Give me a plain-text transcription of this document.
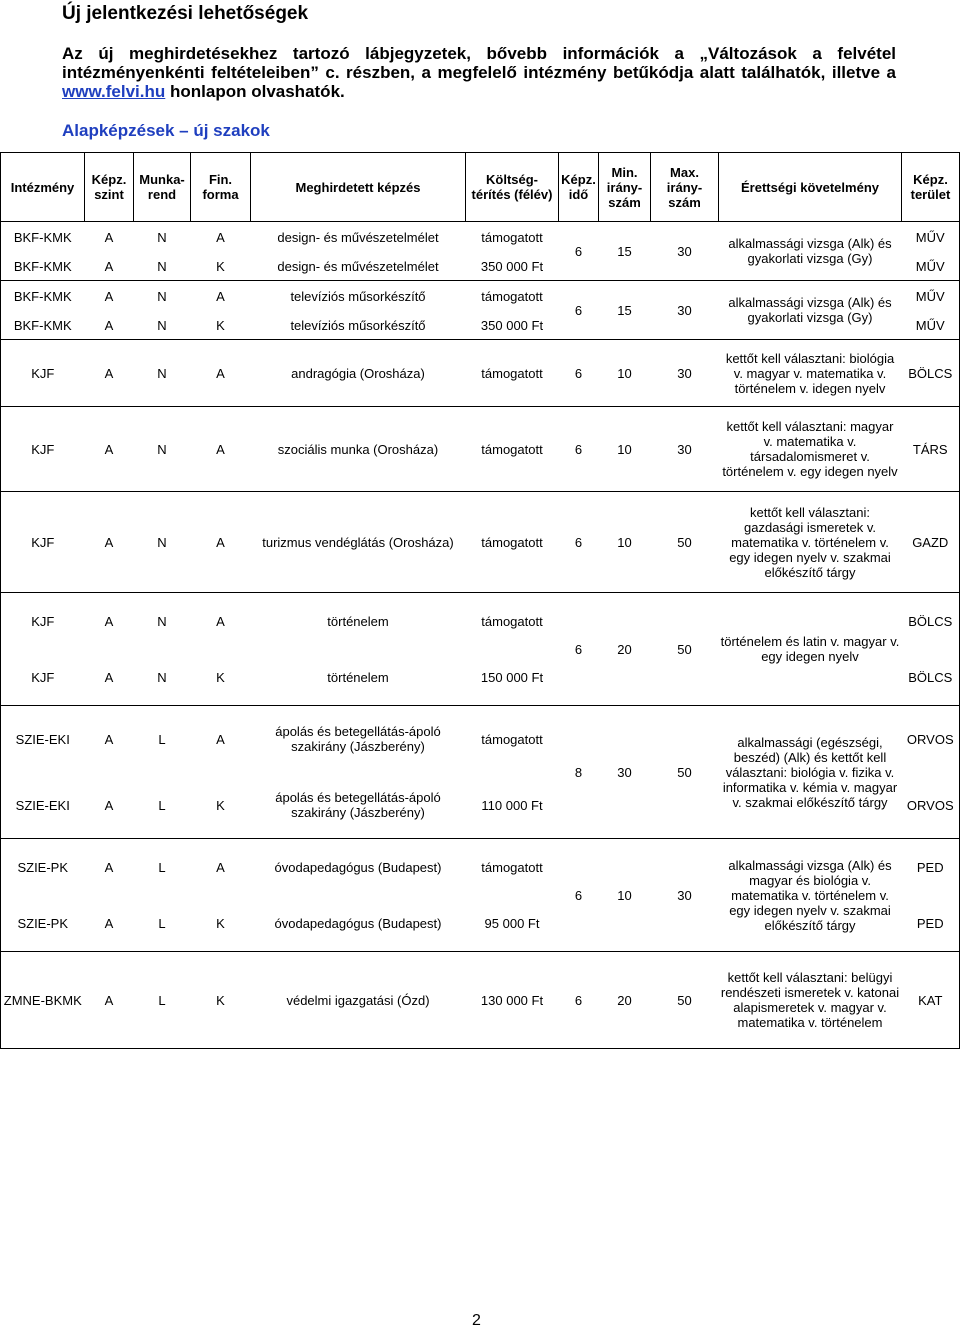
Új jelentkezési lehetőségek
Az új meghirdetésekhez tartozó lábjegyzetek, bővebb információk a „Változások a felvétel intézményenkénti feltételeiben” c. részben, a megfelelő intézmény betűkódja alatt találhatók, illetve a www.felvi.hu honlapon olvashatók.
Alapképzések – új szakok
Intézmény	Képz. szint	Munka-rend	Fin. forma	Meghirdetett képzés	Költség-térítés (félév)	Képz. idő	Min. irány-szám	Max. irány-szám	Érettségi követelmény	Képz. terület
BKF-KMK	A	N	A	design- és művészetelmélet	támogatott	6	15	30	alkalmassági vizsga (Alk) és gyakorlati vizsga (Gy)	MŰV
BKF-KMK	A	N	K	design- és művészetelmélet	350 000 Ft					MŰV
BKF-KMK	A	N	A	televíziós műsorkészítő	támogatott	6	15	30	alkalmassági vizsga (Alk) és gyakorlati vizsga (Gy)	MŰV
BKF-KMK	A	N	K	televíziós műsorkészítő	350 000 Ft					MŰV
KJF	A	N	A	andragógia (Orosháza)	támogatott	6	10	30	kettőt kell választani: biológia v. magyar v. matematika v. történelem v. idegen nyelv	BÖLCS
KJF	A	N	A	szociális munka (Orosháza)	támogatott	6	10	30	kettőt kell választani: magyar v. matematika v. társadalomismeret v. történelem v. egy idegen nyelv	TÁRS
KJF	A	N	A	turizmus vendéglátás (Orosháza)	támogatott	6	10	50	kettőt kell választani: gazdasági ismeretek v. matematika v. történelem v. egy idegen nyelv v. szakmai előkészítő tárgy	GAZD
KJF	A	N	A	történelem	támogatott	6	20	50	történelem és latin v. magyar v. egy idegen nyelv	BÖLCS
KJF	A	N	K	történelem	150 000 Ft					BÖLCS
SZIE-EKI	A	L	A	ápolás és betegellátás-ápoló szakirány (Jászberény)	támogatott	8	30	50	alkalmassági (egészségi, beszéd) (Alk) és kettőt kell választani: biológia v. fizika v. informatika v. kémia v. magyar v. szakmai előkészítő tárgy	ORVOS
SZIE-EKI	A	L	K	ápolás és betegellátás-ápoló szakirány (Jászberény)	110 000 Ft					ORVOS
SZIE-PK	A	L	A	óvodapedagógus (Budapest)	támogatott	6	10	30	alkalmassági vizsga (Alk) és magyar és biológia v. matematika v. történelem v. egy idegen nyelv v. szakmai előkészítő tárgy	PED
SZIE-PK	A	L	K	óvodapedagógus (Budapest)	95 000 Ft					PED
ZMNE-BKMK	A	L	K	védelmi igazgatási (Ózd)	130 000 Ft	6	20	50	kettőt kell választani: belügyi rendészeti ismeretek v. katonai alapismeretek v. magyar v. matematika v. történelem	KAT
2
